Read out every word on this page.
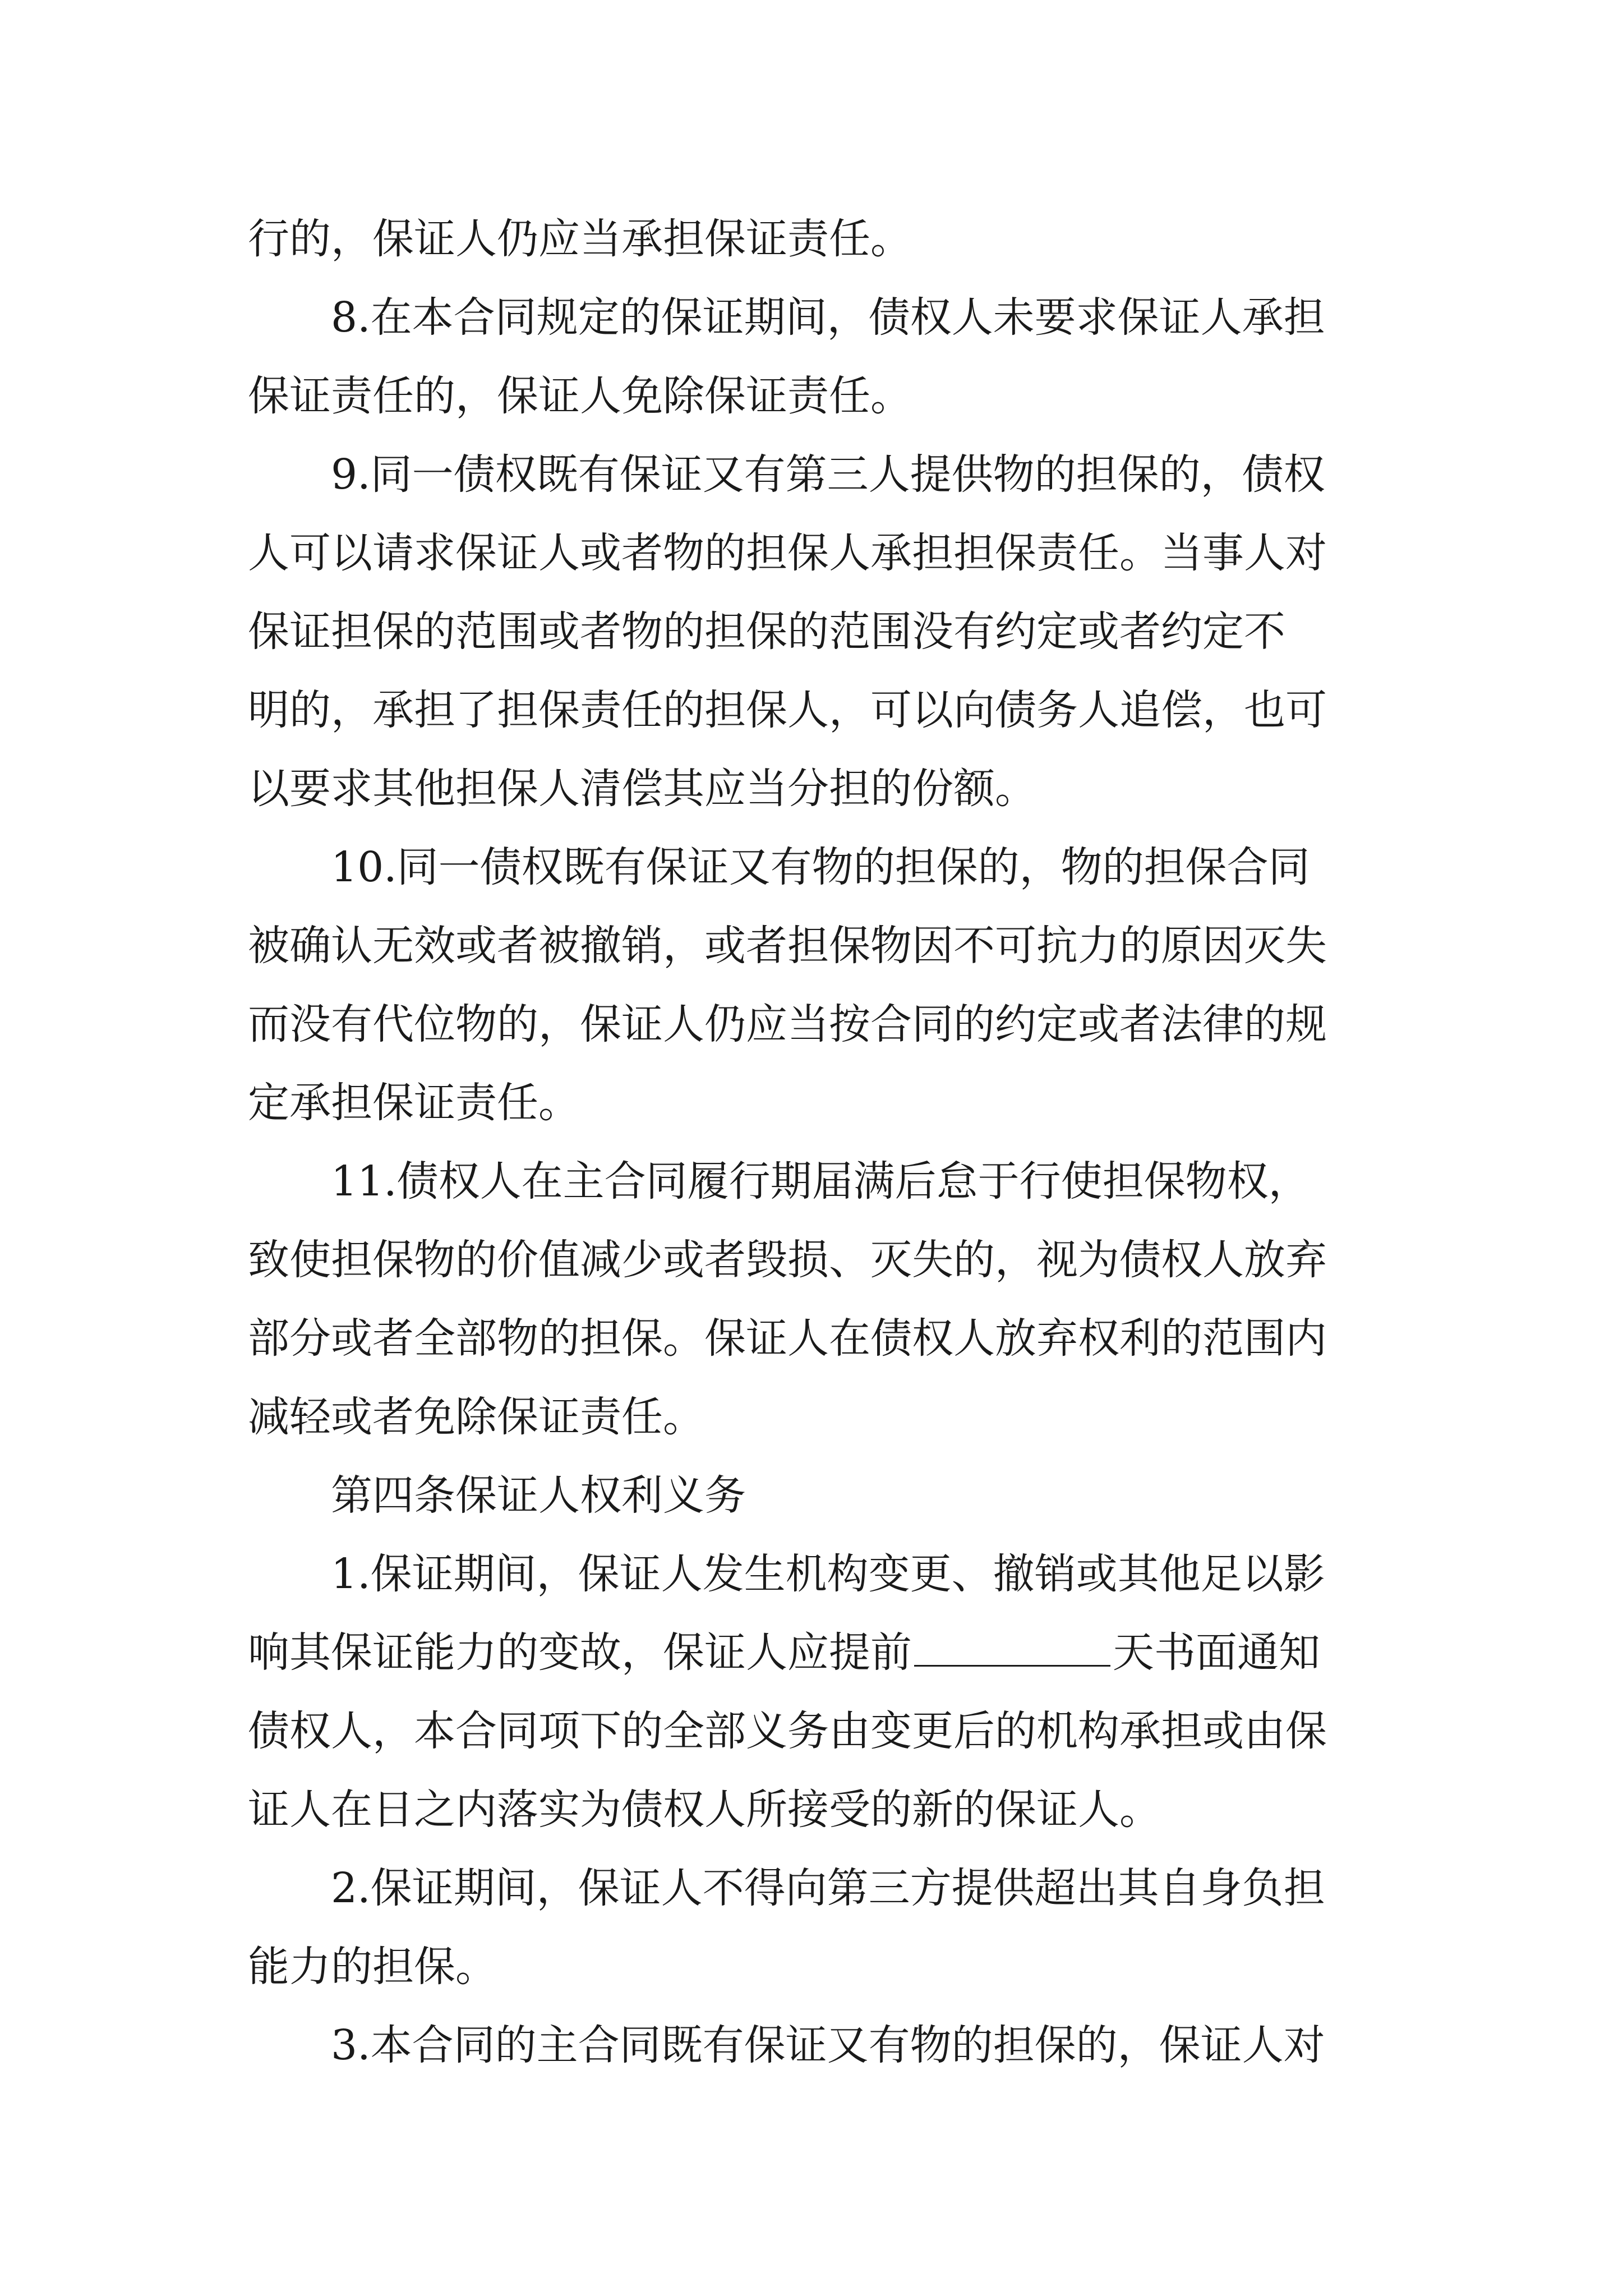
行的，保证人仍应当承担保证责任。
8.在本合同规定的保证期间，债权人未要求保证人承担
保证责任的，保证人免除保证责任。
9.同一债权既有保证又有第三人提供物的担保的，债权
人可以请求保证人或者物的担保人承担担保责任。当事人对
保证担保的范围或者物的担保的范围没有约定或者约定不
明的，承担了担保责任的担保人，可以向债务人追偿，也可
以要求其他担保人清偿其应当分担的份额。
10.同一债权既有保证又有物的担保的，物的担保合同
被确认无效或者被撤销，或者担保物因不可抗力的原因灭失
而没有代位物的，保证人仍应当按合同的约定或者法律的规
定承担保证责任。
11.债权人在主合同履行期届满后怠于行使担保物权，
致使担保物的价值减少或者毁损、灭失的，视为债权人放弃
部分或者全部物的担保。保证人在债权人放弃权利的范围内
减轻或者免除保证责任。
第四条保证人权利义务
1.保证期间，保证人发生机构变更、撤销或其他足以影
响其保证能力的变故，保证人应提前	天书面通知
债权人，本合同项下的全部义务由变更后的机构承担或由保
证人在日之内落实为债权人所接受的新的保证人。
2.保证期间，保证人不得向第三方提供超出其自身负担
能力的担保。
3.本合同的主合同既有保证又有物的担保的，保证人对
